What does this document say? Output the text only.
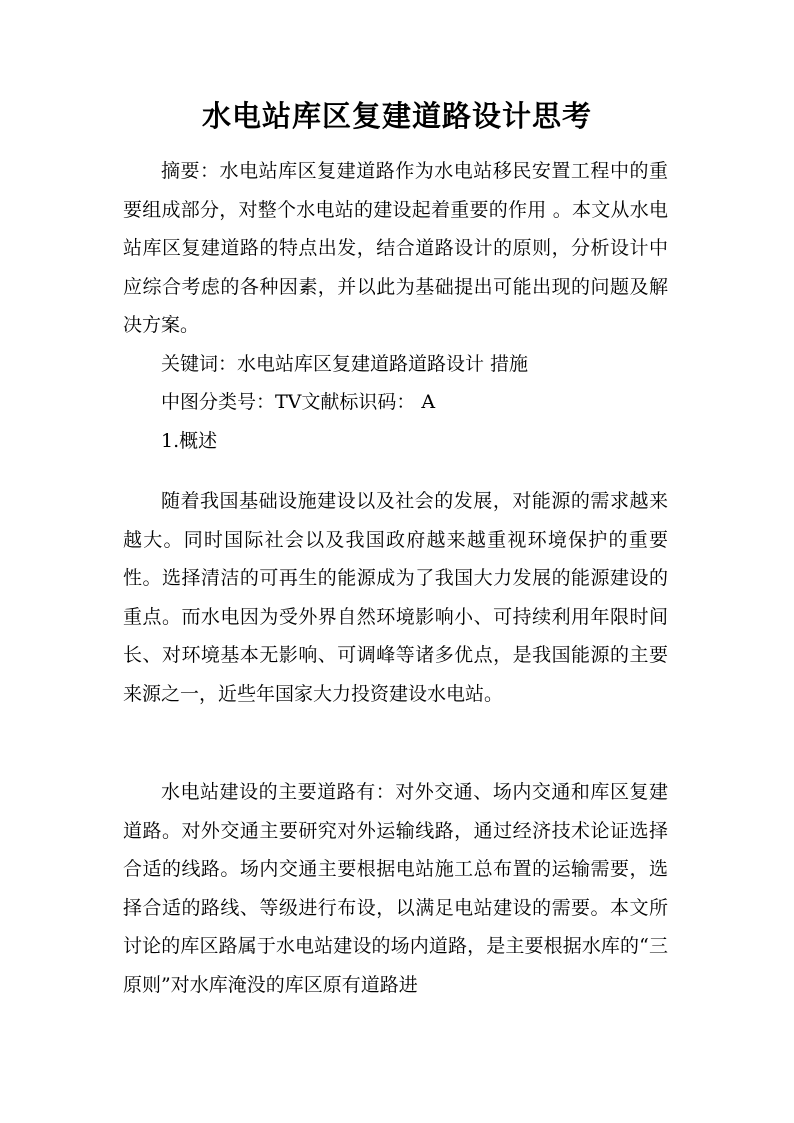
水电站库区复建道路设计思考

摘要：水电站库区复建道路作为水电站移民安置工程中的重要组成部分，对整个水电站的建设起着重要的作用 。本文从水电站库区复建道路的特点出发，结合道路设计的原则，分析设计中应综合考虑的各种因素，并以此为基础提出可能出现的问题及解决方案。

关键词：水电站库区复建道路道路设计 措施

中图分类号：TV文献标识码： A

1.概述

随着我国基础设施建设以及社会的发展，对能源的需求越来越大。同时国际社会以及我国政府越来越重视环境保护的重要性。选择清洁的可再生的能源成为了我国大力发展的能源建设的重点。而水电因为受外界自然环境影响小、可持续利用年限时间长、对环境基本无影响、可调峰等诸多优点，是我国能源的主要来源之一，近些年国家大力投资建设水电站。

水电站建设的主要道路有：对外交通、场内交通和库区复建道路。对外交通主要研究对外运输线路，通过经济技术论证选择合适的线路。场内交通主要根据电站施工总布置的运输需要，选择合适的路线、等级进行布设，以满足电站建设的需要。本文所讨论的库区路属于水电站建设的场内道路，是主要根据水库的“三原则”对水库淹没的库区原有道路进
